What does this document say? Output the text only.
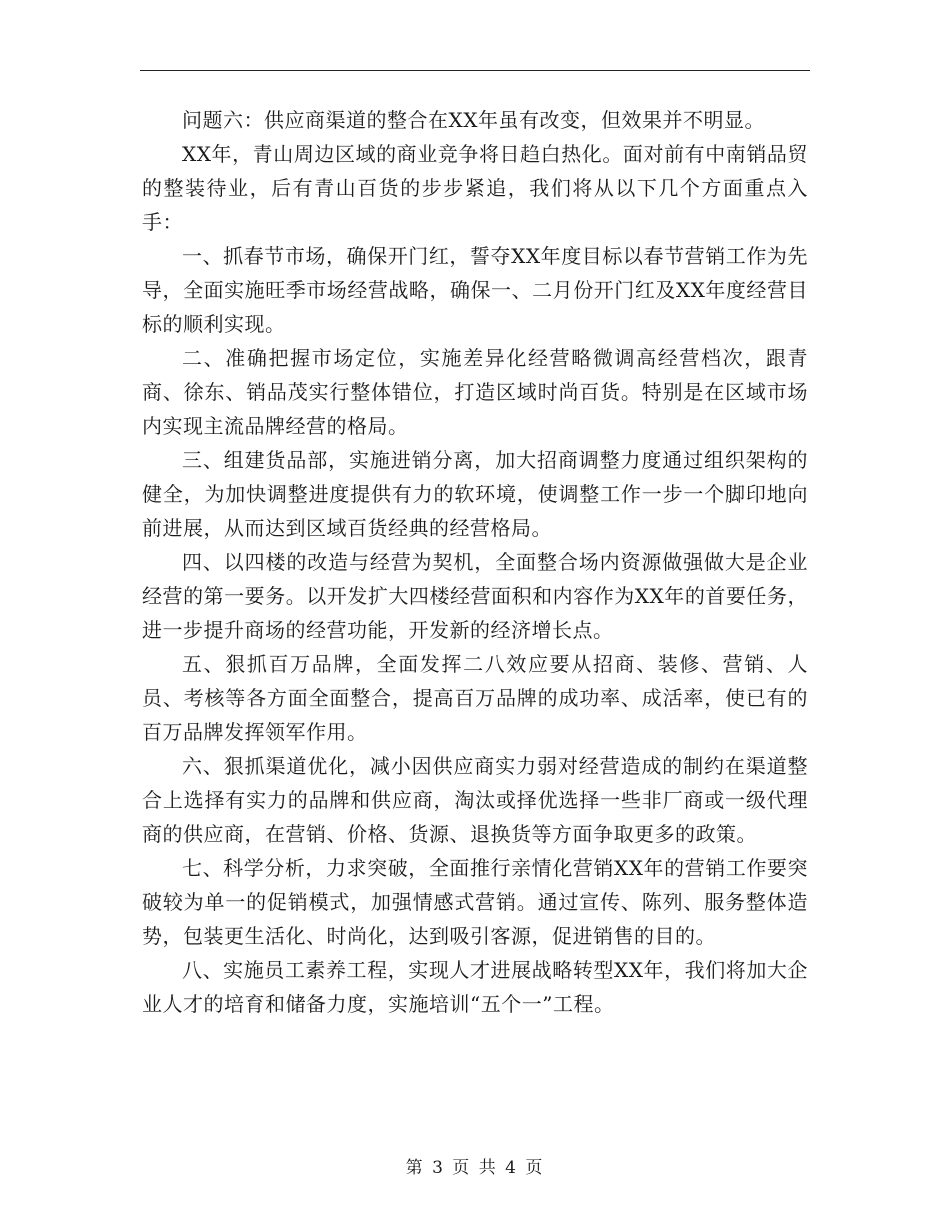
问题六：供应商渠道的整合在XX年虽有改变，但效果并不明显。

XX年，青山周边区域的商业竞争将日趋白热化。面对前有中南销品贸的整装待业，后有青山百货的步步紧追，我们将从以下几个方面重点入手：

一、抓春节市场，确保开门红，誓夺XX年度目标以春节营销工作为先导，全面实施旺季市场经营战略，确保一、二月份开门红及XX年度经营目标的顺利实现。

二、准确把握市场定位，实施差异化经营略微调高经营档次，跟青商、徐东、销品茂实行整体错位，打造区域时尚百货。特别是在区域市场内实现主流品牌经营的格局。

三、组建货品部，实施进销分离，加大招商调整力度通过组织架构的健全，为加快调整进度提供有力的软环境，使调整工作一步一个脚印地向前进展，从而达到区域百货经典的经营格局。

四、以四楼的改造与经营为契机，全面整合场内资源做强做大是企业经营的第一要务。以开发扩大四楼经营面积和内容作为XX年的首要任务，进一步提升商场的经营功能，开发新的经济增长点。

五、狠抓百万品牌，全面发挥二八效应要从招商、装修、营销、人员、考核等各方面全面整合，提高百万品牌的成功率、成活率，使已有的百万品牌发挥领军作用。

六、狠抓渠道优化，减小因供应商实力弱对经营造成的制约在渠道整合上选择有实力的品牌和供应商，淘汰或择优选择一些非厂商或一级代理商的供应商，在营销、价格、货源、退换货等方面争取更多的政策。

七、科学分析，力求突破，全面推行亲情化营销XX年的营销工作要突破较为单一的促销模式，加强情感式营销。通过宣传、陈列、服务整体造势，包装更生活化、时尚化，达到吸引客源，促进销售的目的。

八、实施员工素养工程，实现人才进展战略转型XX年，我们将加大企业人才的培育和储备力度，实施培训“五个一”工程。

第 3 页 共 4 页
